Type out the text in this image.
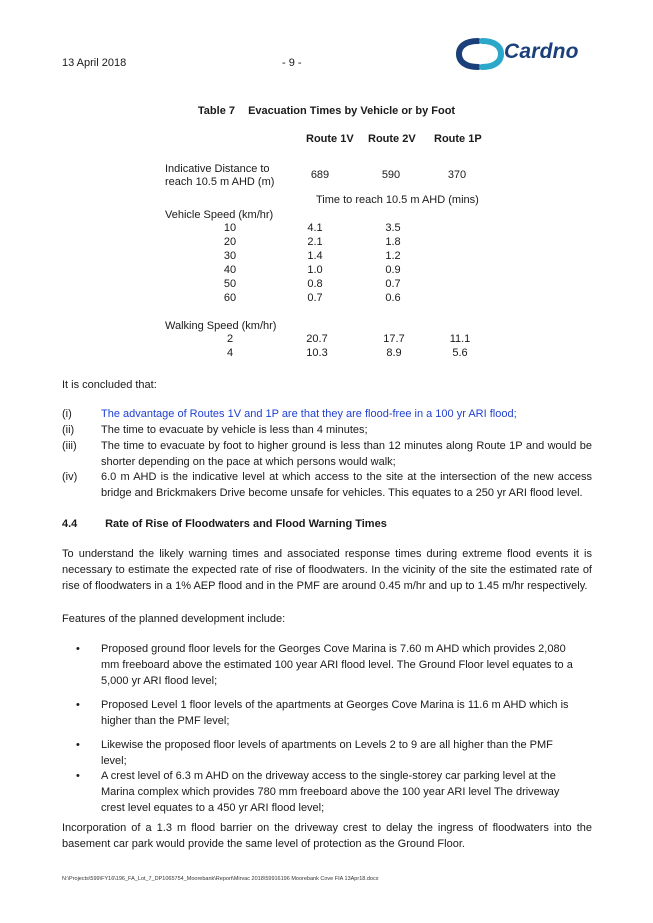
13 April 2018	- 9 -	Cardno
Table 7 Evacuation Times by Vehicle or by Foot
Route 1V Route 2V Route 1P
Indicative Distance to
reach 10.5 m AHD (m)
689	590	370
Time to reach 10.5 m AHD (mins)
Vehicle Speed (km/hr)
10	4.1	3.5
20	2.1	1.8
30	1.4	1.2
40	1.0	0.9
50	0.8	0.7
60	0.7	0.6
Walking Speed (km/hr)
2	20.7	17.7	11.1
4	10.3	8.9	5.6
It is concluded that:
(i)	The advantage of Routes 1V and 1P are that they are flood-free in a 100 yr ARI flood;
(ii)	The time to evacuate by vehicle is less than 4 minutes;
(iii)	The time to evacuate by foot to higher ground is less than 12 minutes along Route 1P and would be shorter depending on the pace at which persons would walk;
(iv)	6.0 m AHD is the indicative level at which access to the site at the intersection of the new access bridge and Brickmakers Drive become unsafe for vehicles. This equates to a 250 yr ARI flood level.
4.4	Rate of Rise of Floodwaters and Flood Warning Times
To understand the likely warning times and associated response times during extreme flood events it is necessary to estimate the expected rate of rise of floodwaters. In the vicinity of the site the estimated rate of rise of floodwaters in a 1% AEP flood and in the PMF are around 0.45 m/hr and up to 1.45 m/hr respectively.
Features of the planned development include:
• Proposed ground floor levels for the Georges Cove Marina is 7.60 m AHD which provides 2,080 mm freeboard above the estimated 100 year ARI flood level. The Ground Floor level equates to a 5,000 yr ARI flood level;
• Proposed Level 1 floor levels of the apartments at Georges Cove Marina is 11.6 m AHD which is higher than the PMF level;
• Likewise the proposed floor levels of apartments on Levels 2 to 9 are all higher than the PMF level;
• A crest level of 6.3 m AHD on the driveway access to the single-storey car parking level at the Marina complex which provides 780 mm freeboard above the 100 year ARI level The driveway crest level equates to a 450 yr ARI flood level;
Incorporation of a 1.3 m flood barrier on the driveway crest to delay the ingress of floodwaters into the basement car park would provide the same level of protection as the Ground Floor.
N:\Projects\599\FY16\196_FA_Lot_7_DP1065754_Moorebank\Report\Mirvac 2018\59916196 Moorebank Cove FIA 13Apr18.docx
